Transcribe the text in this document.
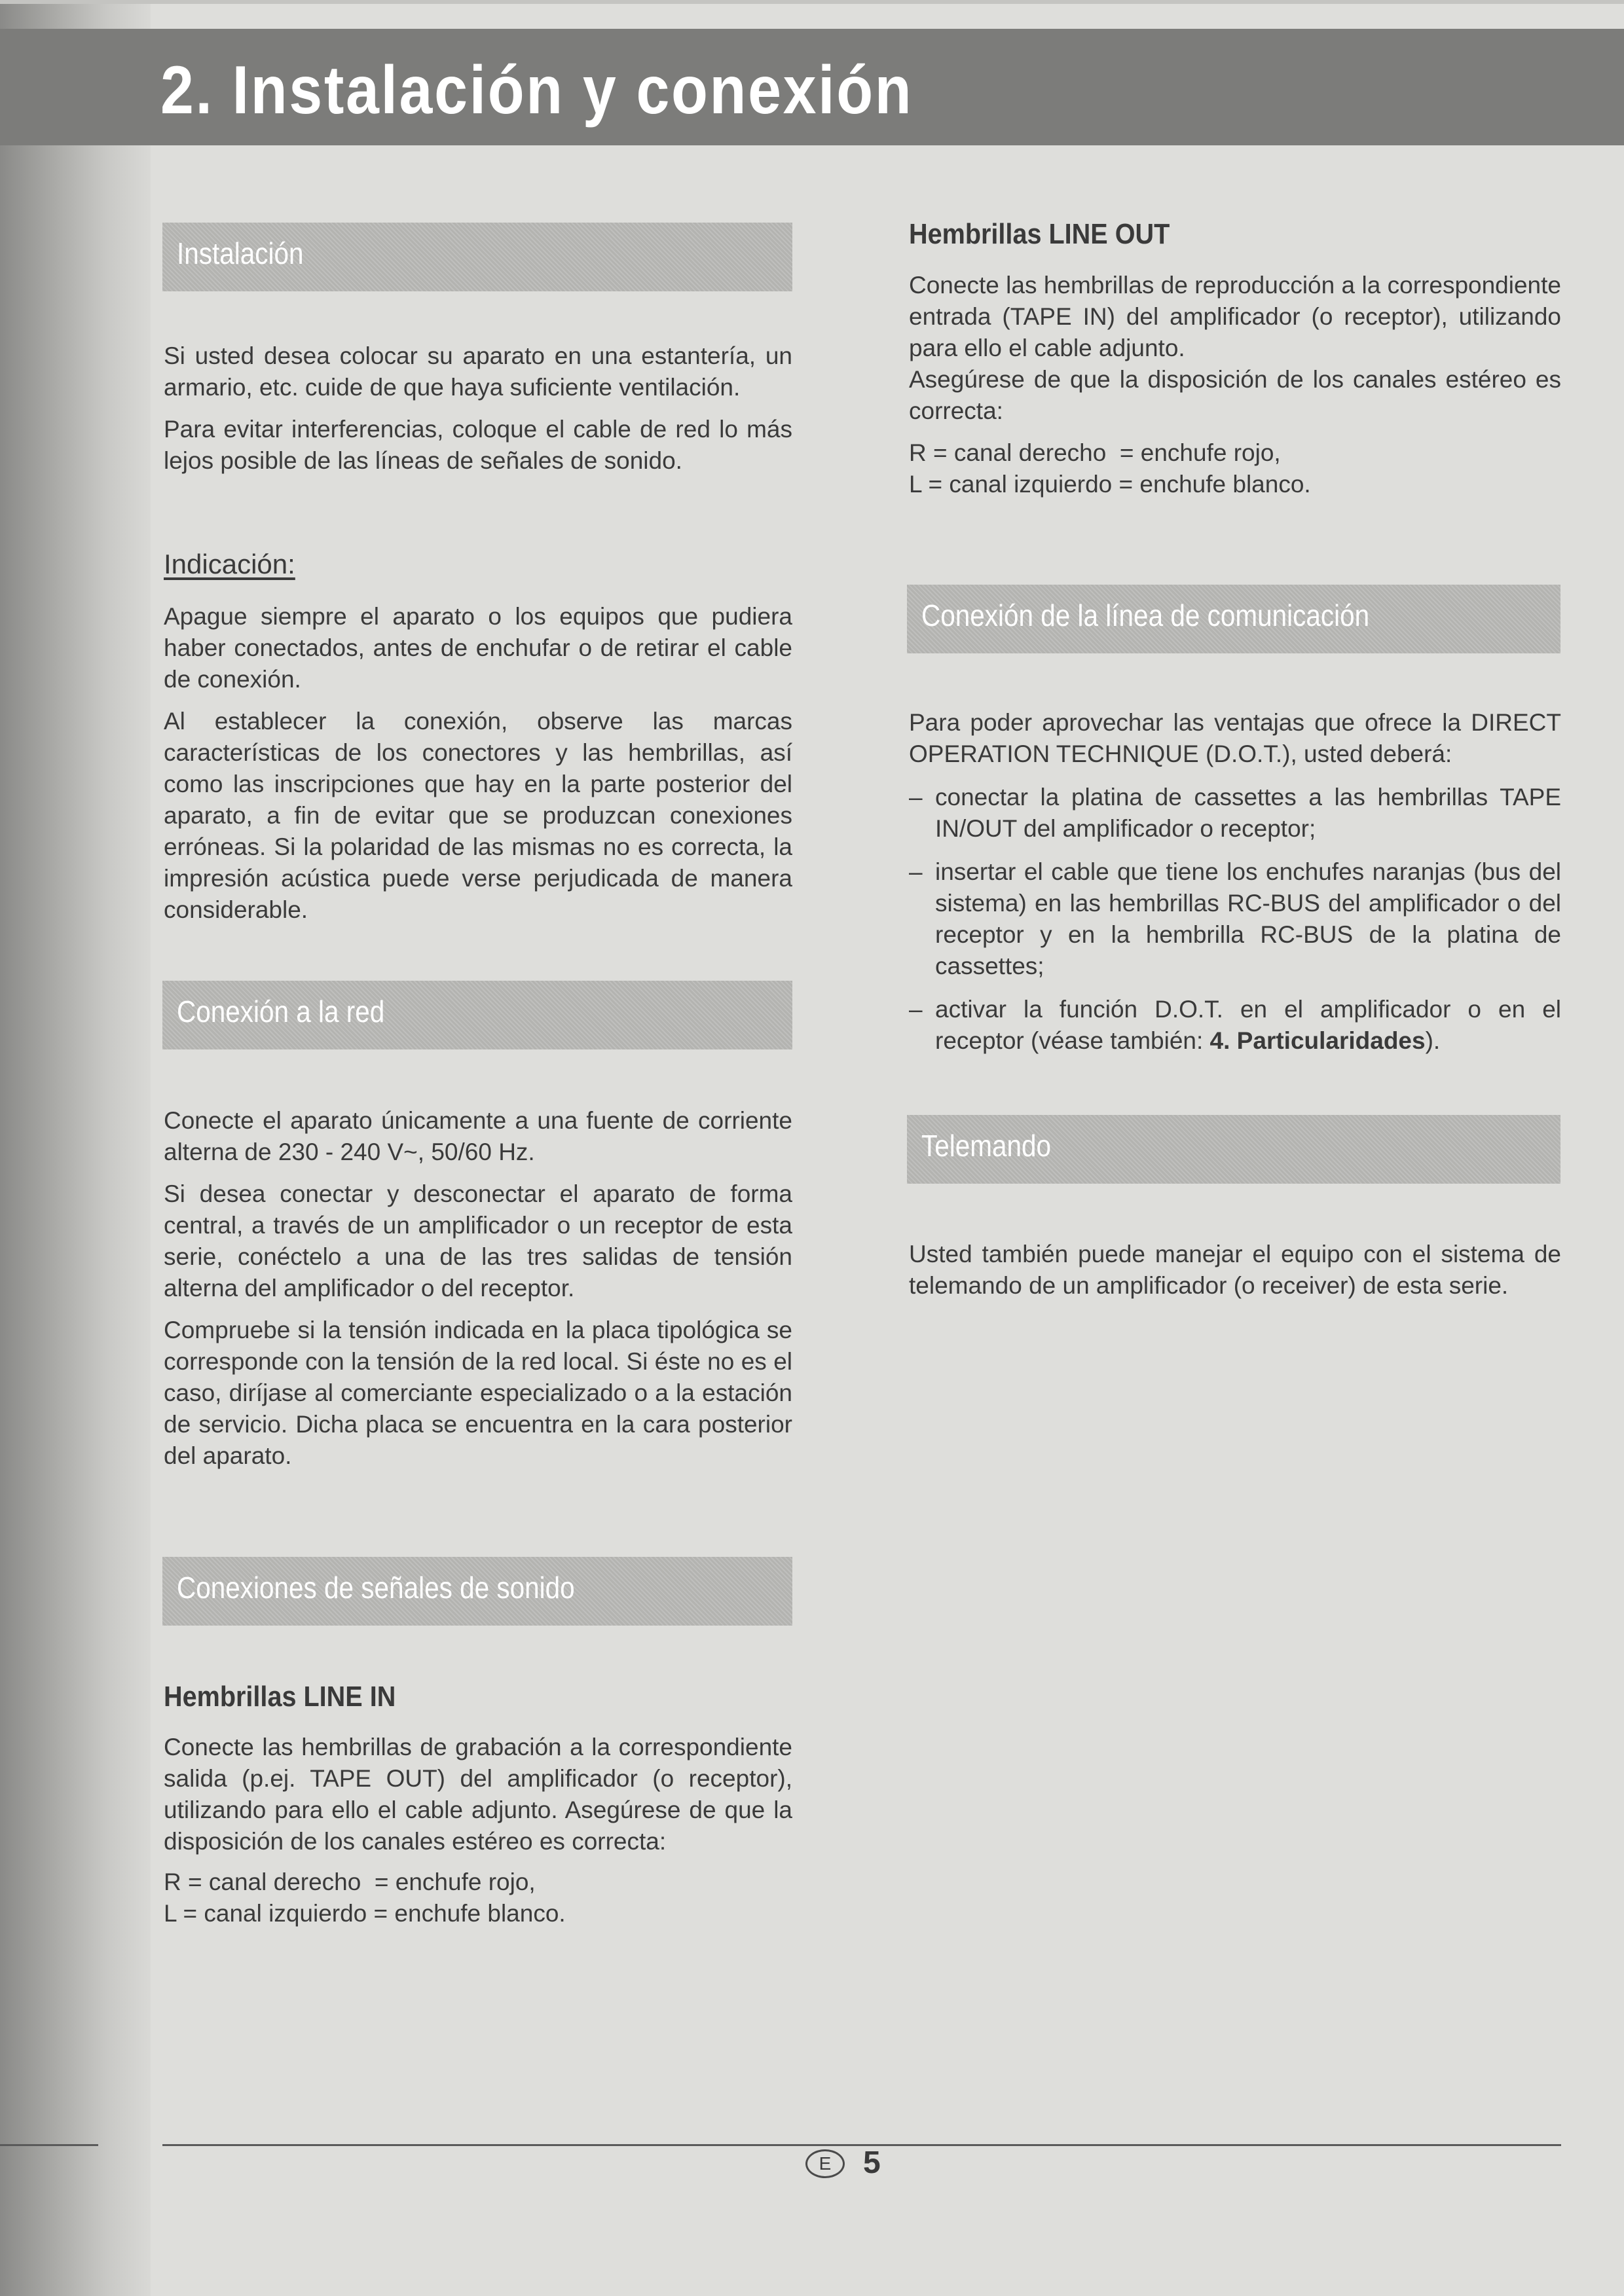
2. Instalación y conexión
Instalación

Si usted desea colocar su aparato en una estantería, un armario, etc. cuide de que haya suficiente ventilación.

Para evitar interferencias, coloque el cable de red lo más lejos posible de las líneas de señales de sonido.

Indicación:

Apague siempre el aparato o los equipos que pudiera haber conectados, antes de enchufar o de retirar el cable de conexión.

Al establecer la conexión, observe las marcas características de los conectores y las hembrillas, así como las inscripciones que hay en la parte posterior del aparato, a fin de evitar que se produzcan conexiones erróneas. Si la polaridad de las mismas no es correcta, la impresión acústica puede verse perjudicada de manera considerable.

Conexión a la red

Conecte el aparato únicamente a una fuente de corriente alterna de 230 - 240 V~, 50/60 Hz.

Si desea conectar y desconectar el aparato de forma central, a través de un amplificador o un receptor de esta serie, conéctelo a una de las tres salidas de tensión alterna del amplificador o del receptor.

Compruebe si la tensión indicada en la placa tipológica se corresponde con la tensión de la red local. Si éste no es el caso, diríjase al comerciante especializado o a la estación de servicio. Dicha placa se encuentra en la cara posterior del aparato.

Conexiones de señales de sonido
Hembrillas LINE IN

Conecte las hembrillas de grabación a la correspondiente salida (p.ej. TAPE OUT) del amplificador (o receptor), utilizando para ello el cable adjunto. Asegúrese de que la disposición de los canales estéreo es correcta:

R = canal derecho  = enchufe rojo,

L = canal izquierdo = enchufe blanco.

Hembrillas LINE OUT

Conecte las hembrillas de reproducción a la correspondiente entrada (TAPE IN) del amplificador (o receptor), utilizando para ello el cable adjunto.

Asegúrese de que la disposición de los canales estéreo es correcta:

R = canal derecho  = enchufe rojo,

L = canal izquierdo = enchufe blanco.

Conexión de la línea de comunicación

Para poder aprovechar las ventajas que ofrece la DIRECT OPERATION TECHNIQUE (D.O.T.), usted deberá:

– conectar la platina de cassettes a las hembrillas TAPE IN/OUT del amplificador o receptor;

– insertar el cable que tiene los enchufes naranjas (bus del sistema) en las hembrillas RC-BUS del amplificador o del receptor y en la hembrilla RC-BUS de la platina de cassettes;

– activar la función D.O.T. en el amplificador o en el receptor (véase también: 4. Particularidades).

Telemando

Usted también puede manejar el equipo con el sistema de telemando de un amplificador (o receiver) de esta serie.

E	5
